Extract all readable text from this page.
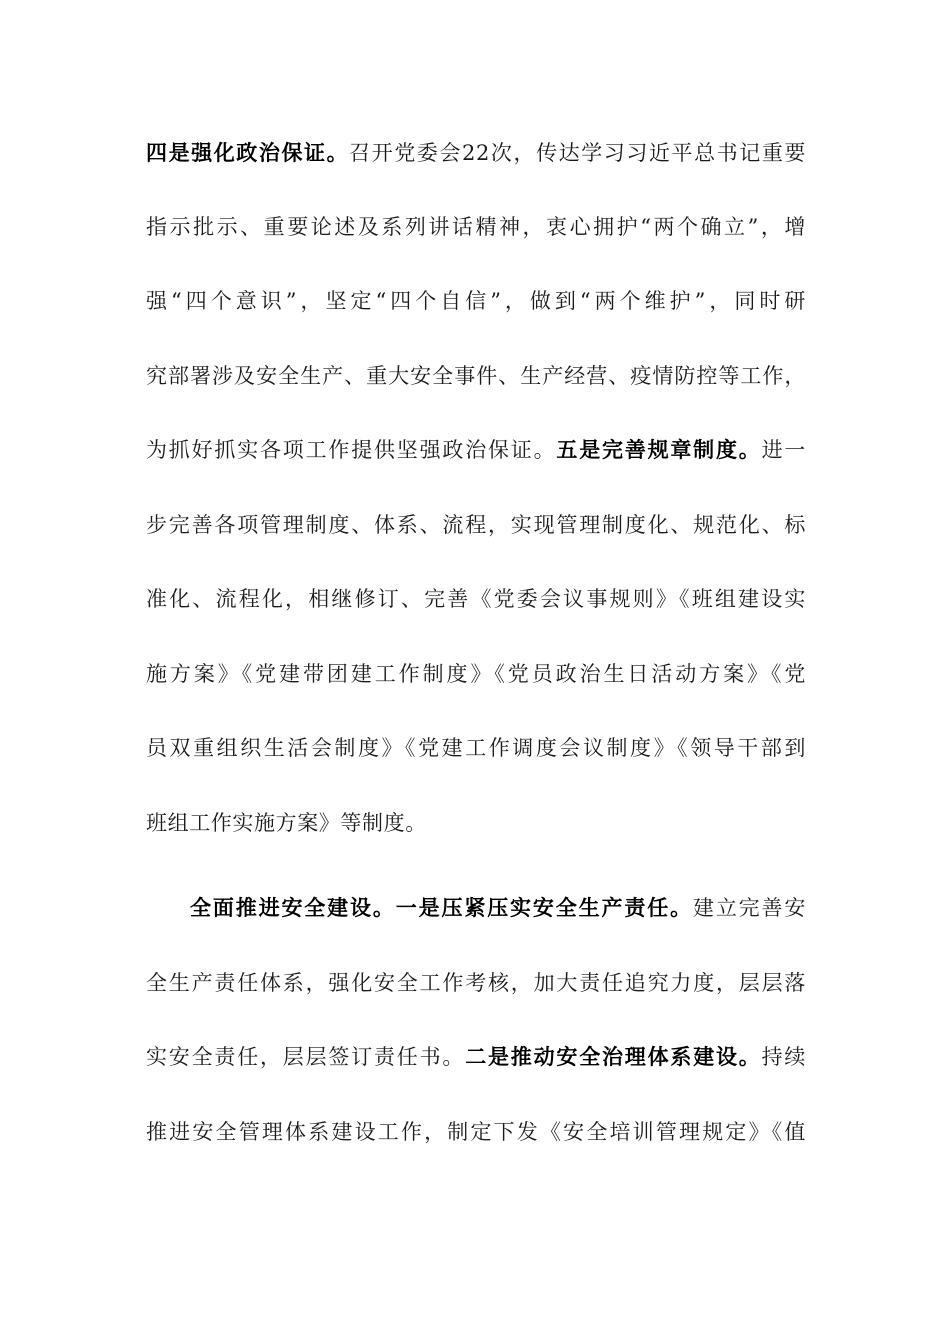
四是强化政治保证。召开党委会22次，传达学习习近平总书记重要
指示批示、重要论述及系列讲话精神，衷心拥护“两个确立”，增
强“四个意识”，坚定“四个自信”，做到“两个维护”，同时研
究部署涉及安全生产、重大安全事件、生产经营、疫情防控等工作，
为抓好抓实各项工作提供坚强政治保证。五是完善规章制度。进一
步完善各项管理制度、体系、流程，实现管理制度化、规范化、标
准化、流程化，相继修订、完善《党委会议事规则》《班组建设实
施方案》《党建带团建工作制度》《党员政治生日活动方案》《党
员双重组织生活会制度》《党建工作调度会议制度》《领导干部到
班组工作实施方案》等制度。
全面推进安全建设。一是压紧压实安全生产责任。建立完善安
全生产责任体系，强化安全工作考核，加大责任追究力度，层层落
实安全责任，层层签订责任书。二是推动安全治理体系建设。持续
推进安全管理体系建设工作，制定下发《安全培训管理规定》《值
